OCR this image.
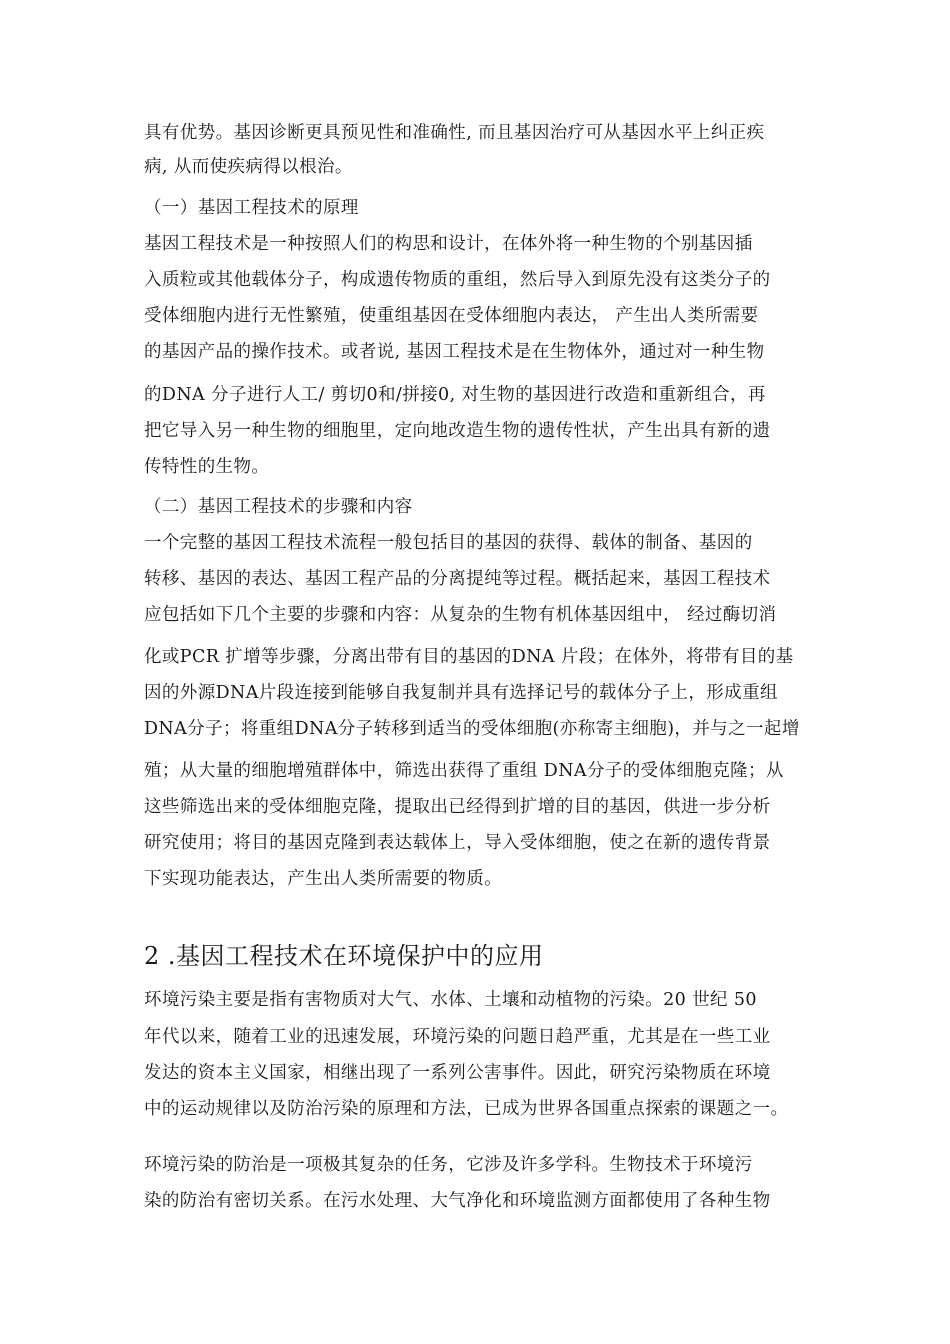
具有优势。基因诊断更具预见性和准确性, 而且基因治疗可从基因水平上纠正疾
病, 从而使疾病得以根治。
（一）基因工程技术的原理
基因工程技术是一种按照人们的构思和设计，在体外将一种生物的个别基因插
入质粒或其他载体分子，构成遗传物质的重组，然后导入到原先没有这类分子的
受体细胞内进行无性繁殖，使重组基因在受体细胞内表达， 产生出人类所需要
的基因产品的操作技术。或者说, 基因工程技术是在生物体外，通过对一种生物
的DNA 分子进行人工/ 剪切0和/拼接0, 对生物的基因进行改造和重新组合，再
把它导入另一种生物的细胞里，定向地改造生物的遗传性状，产生出具有新的遗
传特性的生物。
（二）基因工程技术的步骤和内容
一个完整的基因工程技术流程一般包括目的基因的获得、载体的制备、基因的
转移、基因的表达、基因工程产品的分离提纯等过程。概括起来，基因工程技术
应包括如下几个主要的步骤和内容：从复杂的生物有机体基因组中， 经过酶切消
化或PCR 扩增等步骤，分离出带有目的基因的DNA 片段；在体外，将带有目的基
因的外源DNA片段连接到能够自我复制并具有选择记号的载体分子上，形成重组
DNA分子；将重组DNA分子转移到适当的受体细胞(亦称寄主细胞)，并与之一起增
殖；从大量的细胞增殖群体中，筛选出获得了重组 DNA分子的受体细胞克隆；从
这些筛选出来的受体细胞克隆，提取出已经得到扩增的目的基因，供进一步分析
研究使用；将目的基因克隆到表达载体上，导入受体细胞，使之在新的遗传背景
下实现功能表达，产生出人类所需要的物质。
2 .基因工程技术在环境保护中的应用
环境污染主要是指有害物质对大气、水体、土壤和动植物的污染。20 世纪 50
年代以来，随着工业的迅速发展，环境污染的问题日趋严重，尤其是在一些工业
发达的资本主义国家，相继出现了一系列公害事件。因此，研究污染物质在环境
中的运动规律以及防治污染的原理和方法，已成为世界各国重点探索的课题之一。
环境污染的防治是一项极其复杂的任务，它涉及许多学科。生物技术于环境污
染的防治有密切关系。在污水处理、大气净化和环境监测方面都使用了各种生物
